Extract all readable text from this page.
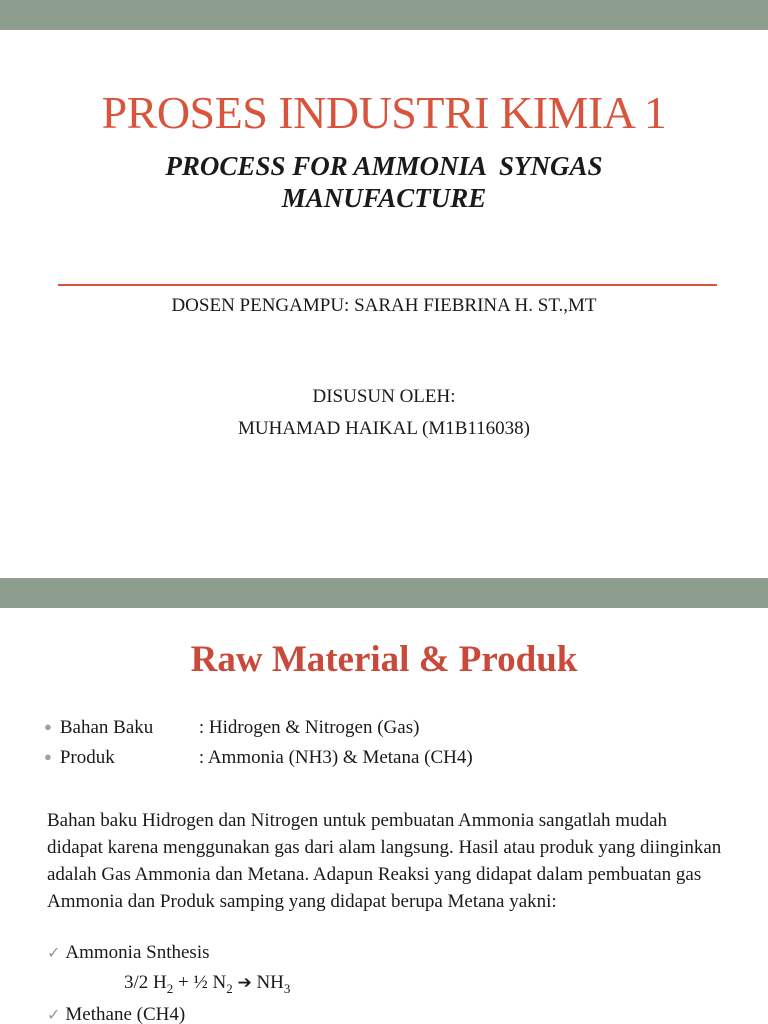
PROSES INDUSTRI KIMIA 1
PROCESS FOR AMMONIA  SYNGAS
MANUFACTURE
DOSEN PENGAMPU: SARAH FIEBRINA H. ST.,MT
DISUSUN OLEH:
MUHAMAD HAIKAL (M1B116038)
Raw Material & Produk
● Bahan Baku : Hidrogen & Nitrogen (Gas)
● Produk	: Ammonia (NH3) & Metana (CH4)
Bahan baku Hidrogen dan Nitrogen untuk pembuatan Ammonia sangatlah mudah didapat karena menggunakan gas dari alam langsung. Hasil atau produk yang diinginkan adalah Gas Ammonia dan Metana. Adapun Reaksi yang didapat dalam pembuatan gas Ammonia dan Produk samping yang didapat berupa Metana yakni:
✓ Ammonia Snthesis
3/2 $H_2$ + ½ $N_2$ ➔ $NH_3$
✓ Methane (CH4)
